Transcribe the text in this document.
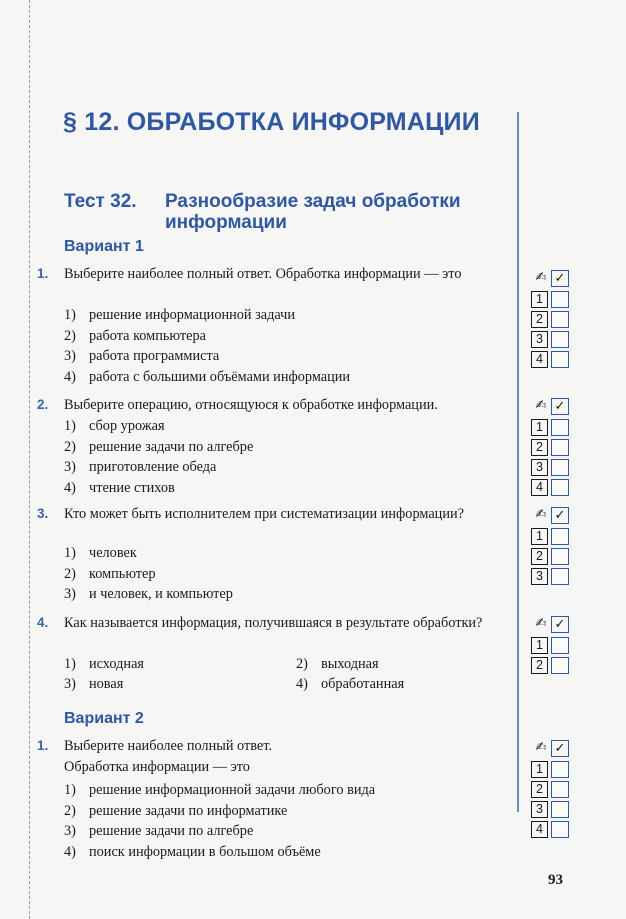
§ 12. ОБРАБОТКА ИНФОРМАЦИИ
Тест 32. Разнообразие задач обработки информации
Вариант 1
1. Выберите наиболее полный ответ. Обработка информации — это
1) решение информационной задачи
2) работа компьютера
3) работа программиста
4) работа с большими объёмами информации
2. Выберите операцию, относящуюся к обработке информации.
1) сбор урожая
2) решение задачи по алгебре
3) приготовление обеда
4) чтение стихов
3. Кто может быть исполнителем при систематизации информации?
1) человек
2) компьютер
3) и человек, и компьютер
4. Как называется информация, получившаяся в результате обработки?
1) исходная	2) выходная
3) новая	4) обработанная
Вариант 2
1. Выберите наиболее полный ответ.
Обработка информации — это
1) решение информационной задачи любого вида
2) решение задачи по информатике
3) решение задачи по алгебре
4) поиск информации в большом объёме
✍ ✓
1
2
3
4
✍ ✓
1
2
3
4
✍ ✓
1
2
3
✍ ✓
1
2
✍ ✓
1
2
3
4
93
